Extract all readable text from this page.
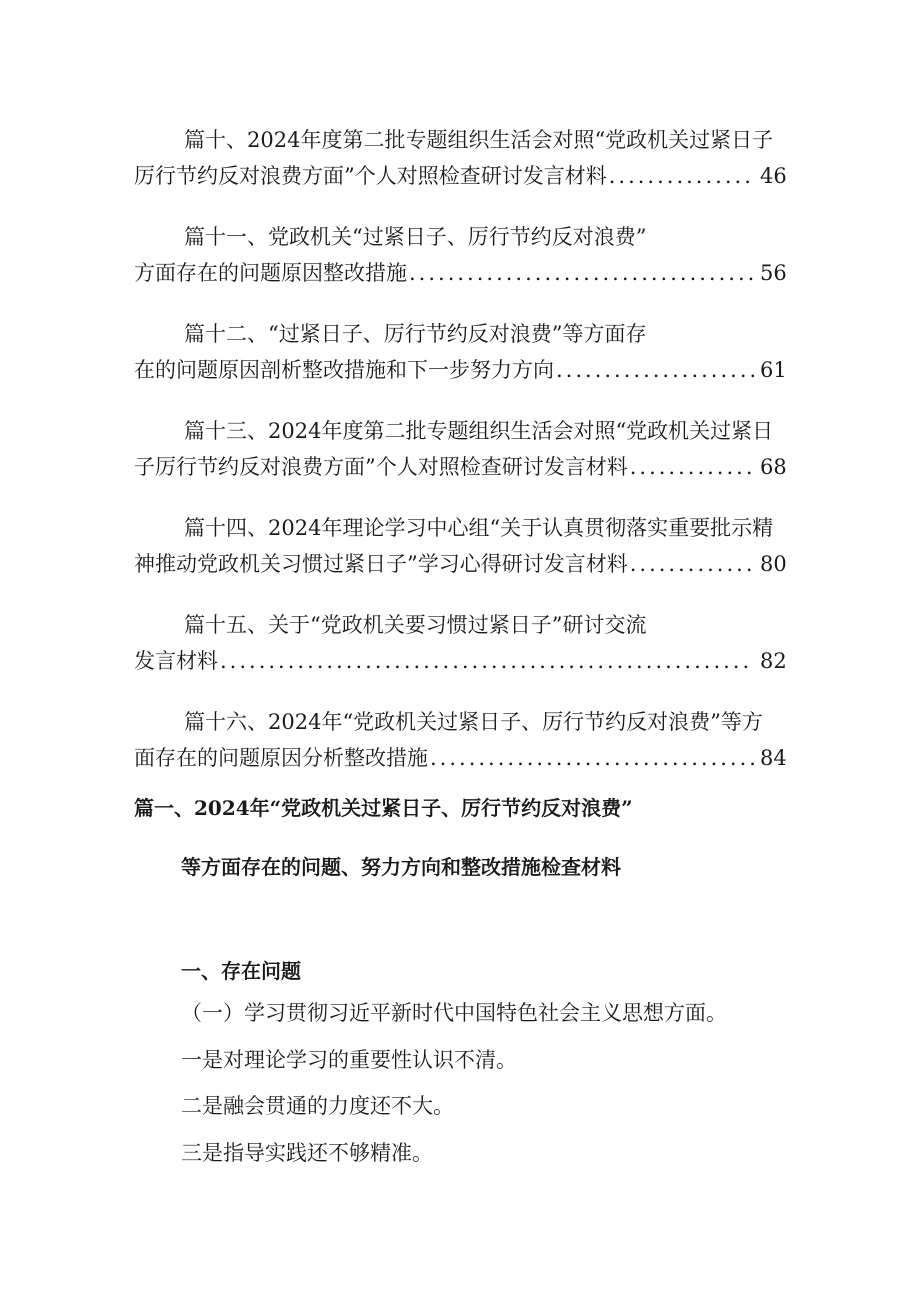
篇十、2024年度第二批专题组织生活会对照“党政机关过紧日子
厉行节约反对浪费方面”个人对照检查研讨发言材料 .....	46
篇十一、党政机关“过紧日子、厉行节约反对浪费”
方面存在的问题原因整改措施 .....	56
篇十二、“过紧日子、厉行节约反对浪费”等方面存
在的问题原因剖析整改措施和下一步努力方向 .....	61
篇十三、2024年度第二批专题组织生活会对照“党政机关过紧日
子厉行节约反对浪费方面”个人对照检查研讨发言材料 .....	68
篇十四、2024年理论学习中心组“关于认真贯彻落实重要批示精
神推动党政机关习惯过紧日子”学习心得研讨发言材料 .....	80
篇十五、关于“党政机关要习惯过紧日子”研讨交流
发言材料 .....	82
篇十六、2024年“党政机关过紧日子、厉行节约反对浪费”等方
面存在的问题原因分析整改措施 .....	84
篇一、2024年“党政机关过紧日子、厉行节约反对浪费”
等方面存在的问题、努力方向和整改措施检查材料
一、存在问题

（一）学习贯彻习近平新时代中国特色社会主义思想方面。

一是对理论学习的重要性认识不清。

二是融会贯通的力度还不大。

三是指导实践还不够精准。
